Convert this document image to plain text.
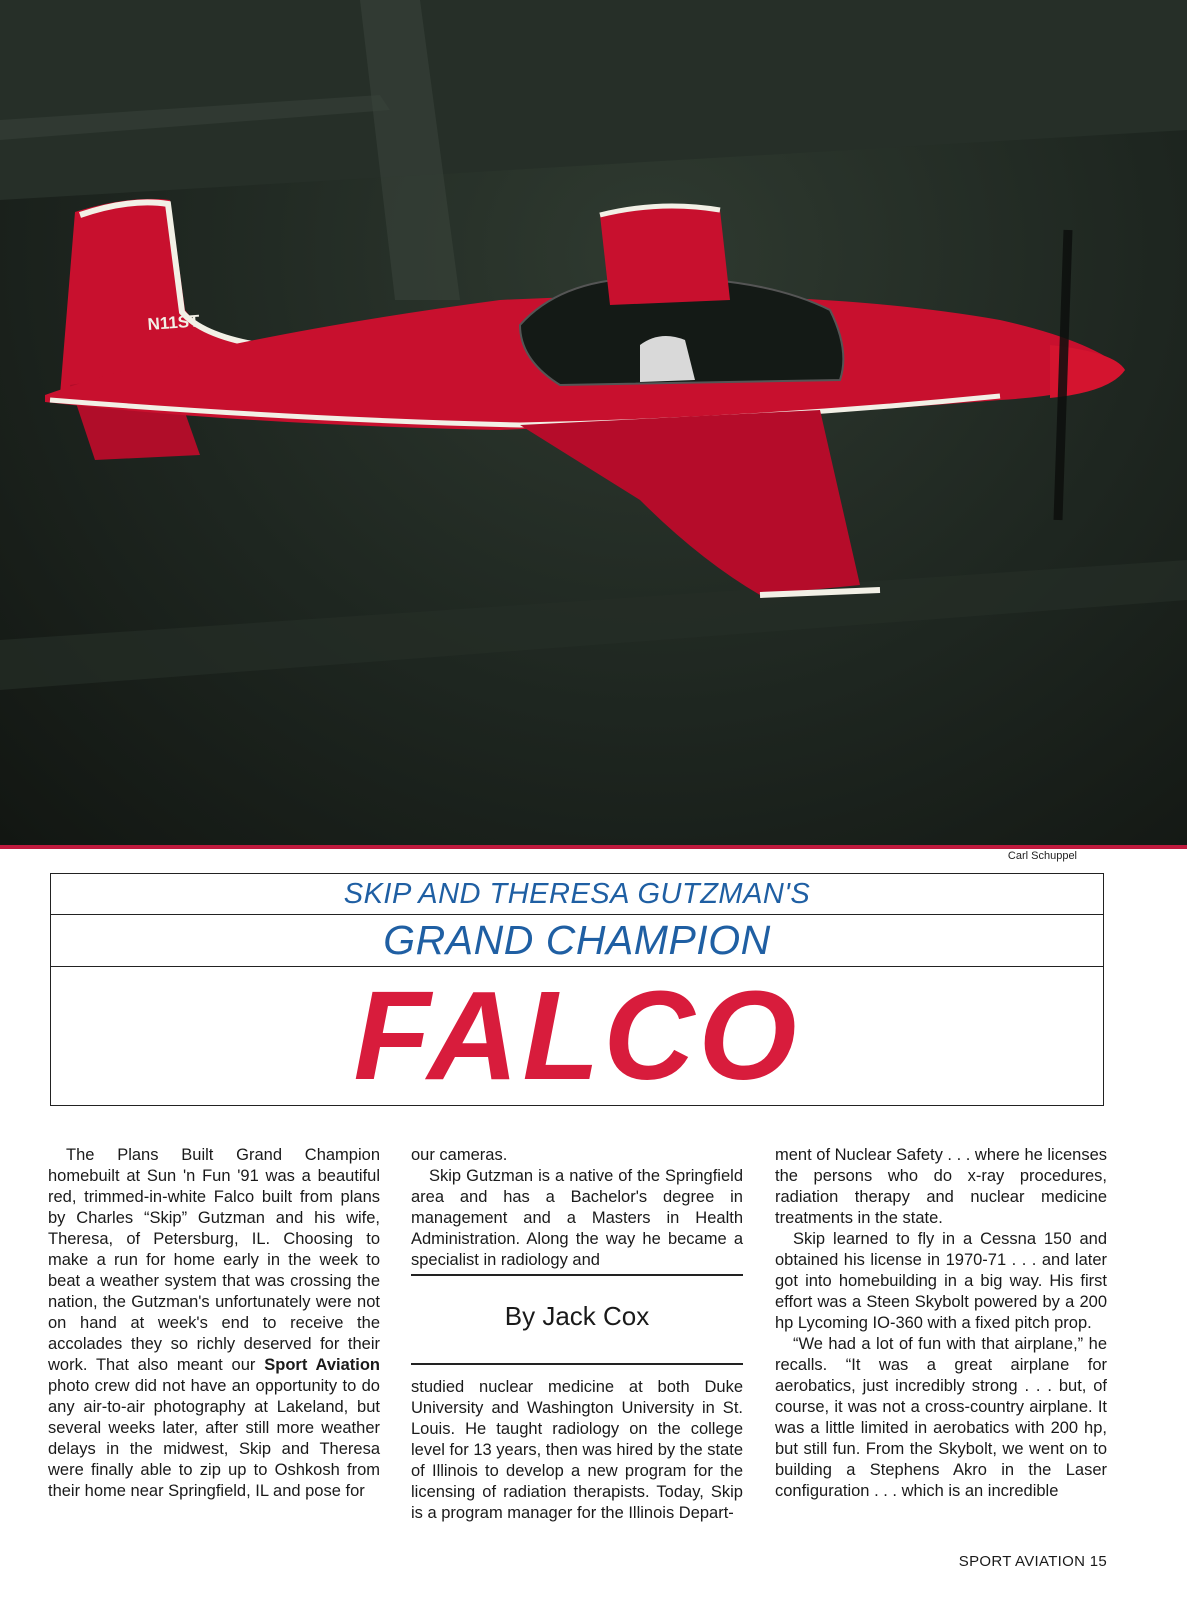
N11ST
Carl Schuppel
SKIP AND THERESA GUTZMAN'S
GRAND CHAMPION
FALCO

The Plans Built Grand Champion homebuilt at Sun 'n Fun '91 was a beautiful red, trimmed-in-white Falco built from plans by Charles “Skip” Gutzman and his wife, Theresa, of Petersburg, IL. Choosing to make a run for home early in the week to beat a weather system that was crossing the nation, the Gutzman's unfortunately were not on hand at week's end to receive the accolades they so richly deserved for their work. That also meant our Sport Aviation photo crew did not have an opportunity to do any air-to-air photography at Lakeland, but several weeks later, after still more weather delays in the midwest, Skip and Theresa were finally able to zip up to Oshkosh from their home near Springfield, IL and pose for

our cameras.

Skip Gutzman is a native of the Springfield area and has a Bachelor's degree in management and a Masters in Health Administration. Along the way he became a specialist in radiology and

By Jack Cox

studied nuclear medicine at both Duke University and Washington University in St. Louis. He taught radiology on the college level for 13 years, then was hired by the state of Illinois to develop a new program for the licensing of radiation therapists. Today, Skip is a program manager for the Illinois Depart-

ment of Nuclear Safety . . . where he licenses the persons who do x-ray procedures, radiation therapy and nuclear medicine treatments in the state.

Skip learned to fly in a Cessna 150 and obtained his license in 1970-71 . . . and later got into homebuilding in a big way. His first effort was a Steen Skybolt powered by a 200 hp Lycoming IO-360 with a fixed pitch prop.

“We had a lot of fun with that airplane,” he recalls. “It was a great airplane for aerobatics, just incredibly strong . . . but, of course, it was not a cross-country airplane. It was a little limited in aerobatics with 200 hp, but still fun. From the Skybolt, we went on to building a Stephens Akro in the Laser configuration . . . which is an incredible

SPORT AVIATION 15
